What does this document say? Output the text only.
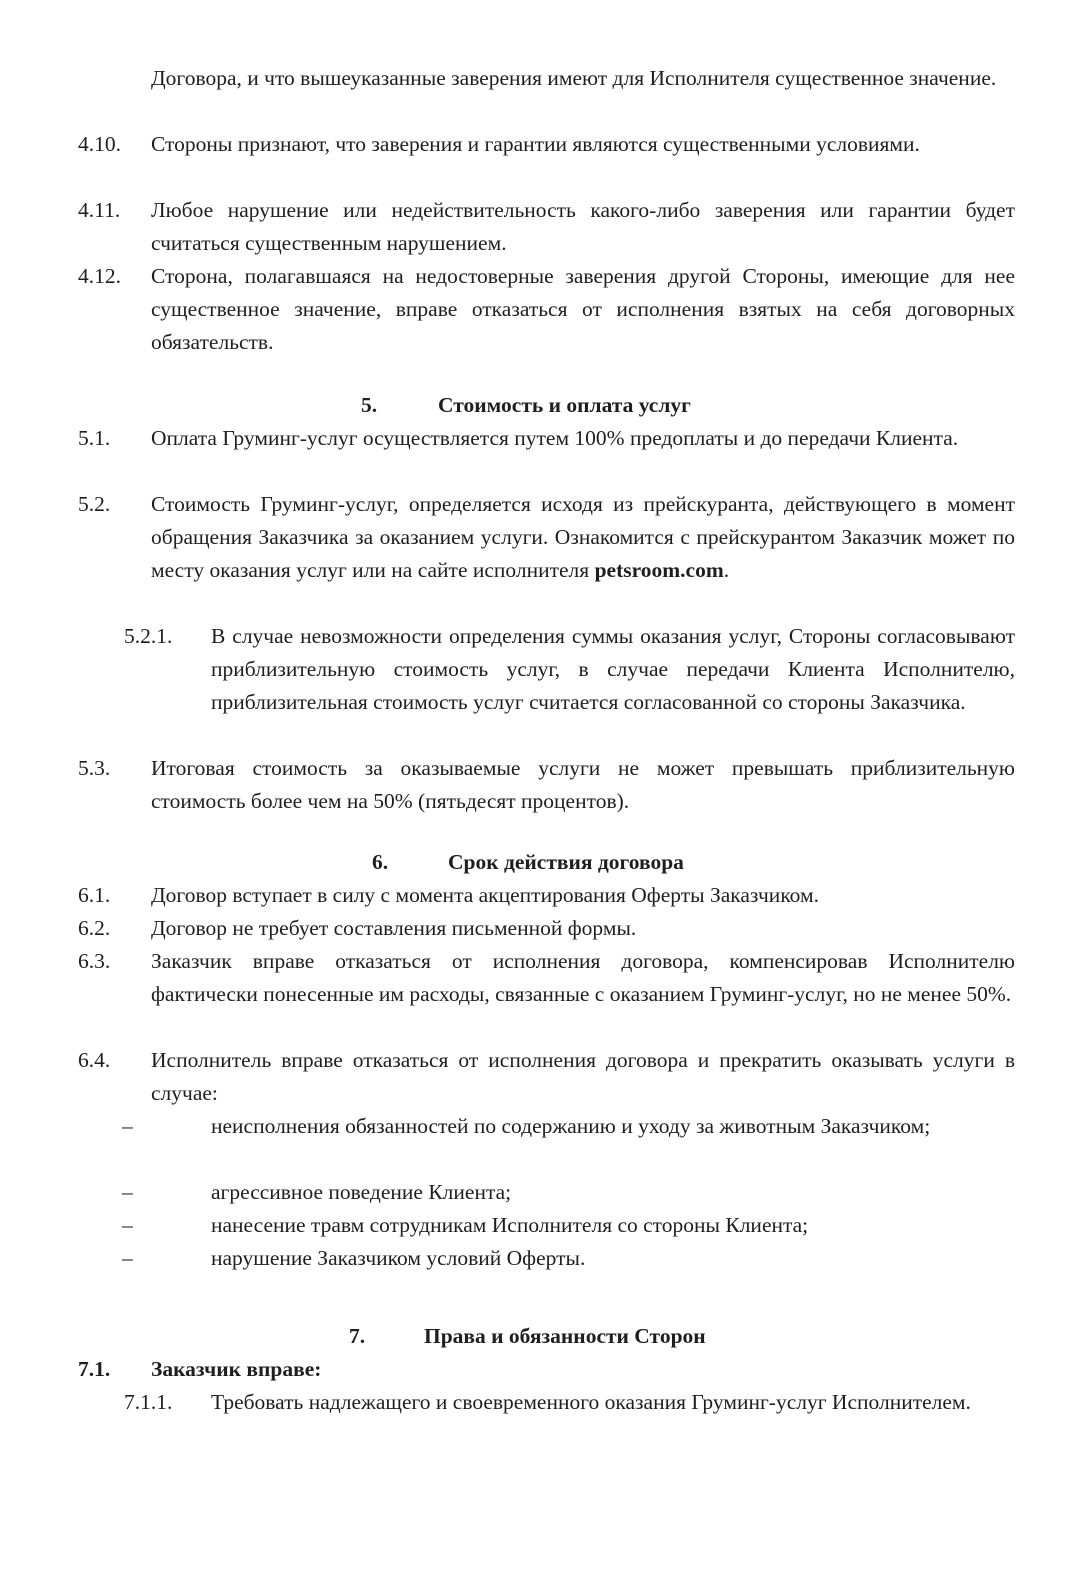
Договора, и что вышеуказанные заверения имеют для Исполнителя существенное значение.
4.10. Стороны признают, что заверения и гарантии являются существенными условиями.
4.11. Любое нарушение или недействительность какого-либо заверения или гарантии будет считаться существенным нарушением.
4.12. Сторона, полагавшаяся на недостоверные заверения другой Стороны, имеющие для нее существенное значение, вправе отказаться от исполнения взятых на себя договорных обязательств.
5.	Стоимость и оплата услуг
5.1. Оплата Груминг-услуг осуществляется путем 100% предоплаты и до передачи Клиента.
5.2. Стоимость Груминг-услуг, определяется исходя из прейскуранта, действующего в момент обращения Заказчика за оказанием услуги. Ознакомится с прейскурантом Заказчик может по месту оказания услуг или на сайте исполнителя petsroom.com.
5.2.1. В случае невозможности определения суммы оказания услуг, Стороны согласовывают приблизительную стоимость услуг, в случае передачи Клиента Исполнителю, приблизительная стоимость услуг считается согласованной со стороны Заказчика.
5.3. Итоговая стоимость за оказываемые услуги не может превышать приблизительную стоимость более чем на 50% (пятьдесят процентов).
6.	Срок действия договора
6.1. Договор вступает в силу с момента акцептирования Оферты Заказчиком.
6.2. Договор не требует составления письменной формы.
6.3. Заказчик вправе отказаться от исполнения договора, компенсировав Исполнителю фактически понесенные им расходы, связанные с оказанием Груминг-услуг, но не менее 50%.
6.4. Исполнитель вправе отказаться от исполнения договора и прекратить оказывать услуги в случае:
–	неисполнения обязанностей по содержанию и уходу за животным Заказчиком;
–	агрессивное поведение Клиента;
–	нанесение травм сотрудникам Исполнителя со стороны Клиента;
–	нарушение Заказчиком условий Оферты.
7.	Права и обязанности Сторон
7.1. Заказчик вправе:
7.1.1. Требовать надлежащего и своевременного оказания Груминг-услуг Исполнителем.
